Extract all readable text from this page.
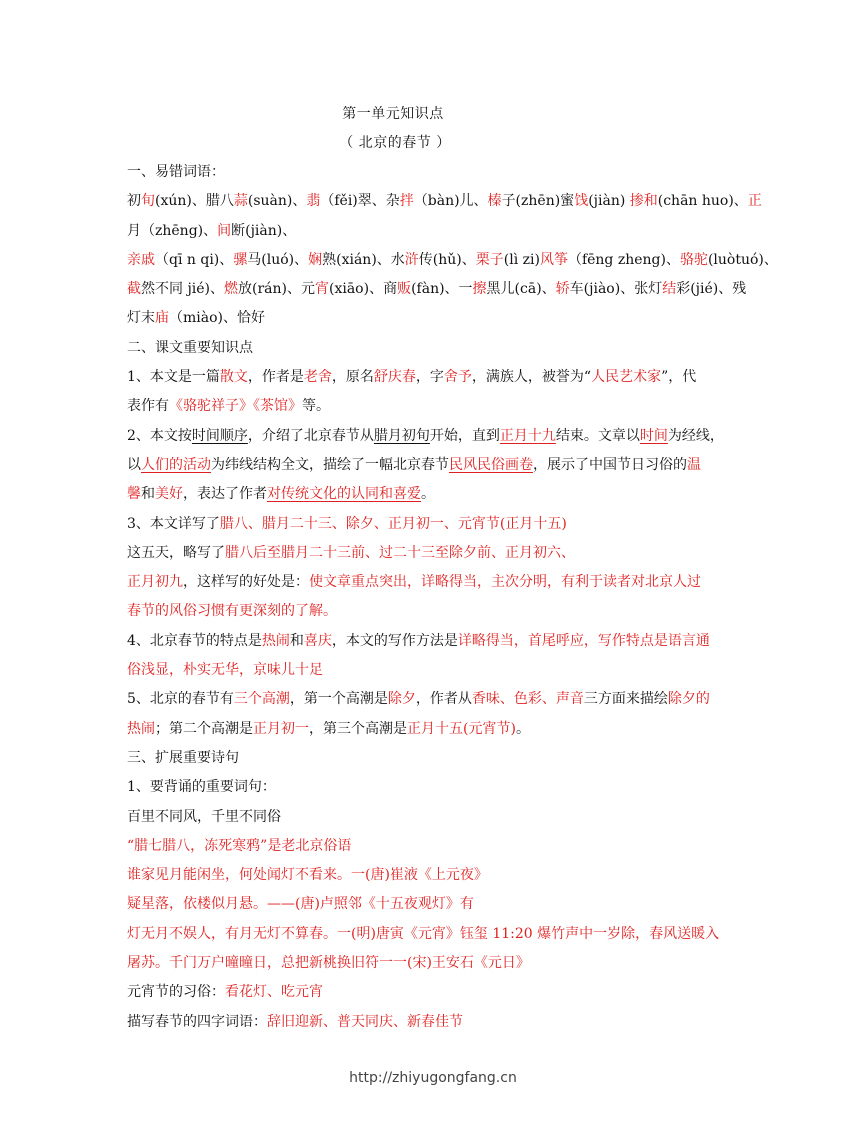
第一单元知识点
（ 北京的春节 ）
一、易错词语：
初旬(xún)、腊八蒜(suàn)、翡（fěi)翠、杂拌（bàn)儿、榛子(zhēn)蜜饯(jiàn) 掺和(chān huo)、正
月（zhēng)、间断(jiàn)、
亲戚（qī n qi)、骡马(luó)、娴熟(xián)、水浒传(hǔ)、栗子(lì zi)风筝（fēng zheng)、骆驼(luòtuó)、
截然不同 jié)、燃放(rán)、元宵(xiāo)、商贩(fàn)、一擦黑儿(cā)、轿车(jiào)、张灯结彩(jié)、残
灯末庙（miào)、恰好
二、课文重要知识点
1、本文是一篇散文，作者是老舍，原名舒庆春，字舍予，满族人，被誉为“人民艺术家”，代
表作有《骆驼祥子》《茶馆》等。
2、本文按时间顺序，介绍了北京春节从腊月初旬开始，直到正月十九结束。文章以时间为经线，
以人们的活动为纬线结构全文，描绘了一幅北京春节民风民俗画卷，展示了中国节日习俗的温
馨和美好，表达了作者对传统文化的认同和喜爱。
3、本文详写了腊八、腊月二十三、除夕、正月初一、元宵节(正月十五)
这五天，略写了腊八后至腊月二十三前、过二十三至除夕前、正月初六、
正月初九，这样写的好处是：使文章重点突出，详略得当，主次分明，有利于读者对北京人过
春节的风俗习惯有更深刻的了解。
4、北京春节的特点是热闹和喜庆，本文的写作方法是详略得当，首尾呼应，写作特点是语言通
俗浅显，朴实无华，京味儿十足
5、北京的春节有三个高潮，第一个高潮是除夕，作者从香味、色彩、声音三方面来描绘除夕的
热闹；第二个高潮是正月初一，第三个高潮是正月十五(元宵节)。
三、扩展重要诗句
1、要背诵的重要词句：
百里不同风，千里不同俗
“腊七腊八，冻死寒鸦”是老北京俗语
谁家见月能闲坐，何处闻灯不看来。一(唐)崔液《上元夜》
疑星落，依楼似月悬。——(唐)卢照邻《十五夜观灯》有
灯无月不娱人，有月无灯不算春。一(明)唐寅《元宵》钰玺 11:20 爆竹声中一岁除，春风送暖入
屠苏。千门万户曈曈日，总把新桃换旧符一一(宋)王安石《元日》
元宵节的习俗：看花灯、吃元宵
描写春节的四字词语：辞旧迎新、普天同庆、新春佳节
http://zhiyugongfang.cn
